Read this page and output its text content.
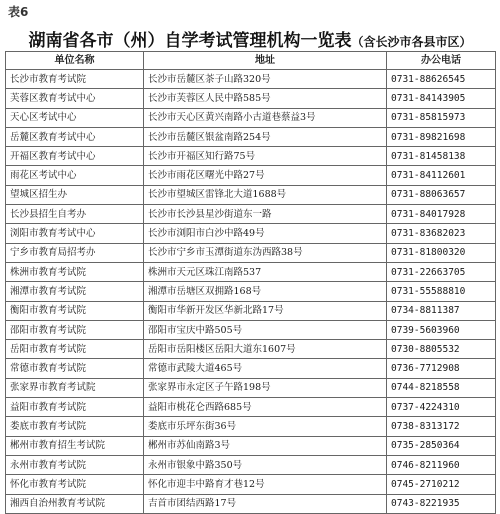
表6
湖南省各市（州）自学考试管理机构一览表（含长沙市各县市区）
单位名称	地址	办公电话
长沙市教育考试院	长沙市岳麓区茶子山路320号	0731-88626545
芙蓉区教育考试中心	长沙市芙蓉区人民中路585号	0731-84143905
天心区考试中心	长沙市天心区黄兴南路小古道巷蔡益3号	0731-85815973
岳麓区教育考试中心	长沙市岳麓区银盆南路254号	0731-89821698
开福区教育考试中心	长沙市开福区知行路75号	0731-81458138
雨花区考试中心	长沙市雨花区曙光中路27号	0731-84112601
望城区招生办	长沙市望城区雷锋北大道1688号	0731-88063657
长沙县招生自考办	长沙市长沙县星沙街道东一路	0731-84017928
浏阳市教育考试中心	长沙市浏阳市白沙中路49号	0731-83682023
宁乡市教育局招考办	长沙市宁乡市玉潭街道东沩西路38号	0731-81800320
株洲市教育考试院	株洲市天元区珠江南路537	0731-22663705
湘潭市教育考试院	湘潭市岳塘区双拥路168号	0731-55588810
衡阳市教育考试院	衡阳市华新开发区华新北路17号	0734-8811387
邵阳市教育考试院	邵阳市宝庆中路505号	0739-5603960
岳阳市教育考试院	岳阳市岳阳楼区岳阳大道东1607号	0730-8805532
常德市教育考试院	常德市武陵大道465号	0736-7712908
张家界市教育考试院	张家界市永定区子午路198号	0744-8218558
益阳市教育考试院	益阳市桃花仑西路685号	0737-4224310
娄底市教育考试院	娄底市乐坪东街36号	0738-8313172
郴州市教育招生考试院	郴州市苏仙南路3号	0735-2850364
永州市教育考试院	永州市银象中路350号	0746-8211960
怀化市教育考试院	怀化市迎丰中路育才巷12号	0745-2710212
湘西自治州教育考试院	吉首市团结西路17号	0743-8221935
